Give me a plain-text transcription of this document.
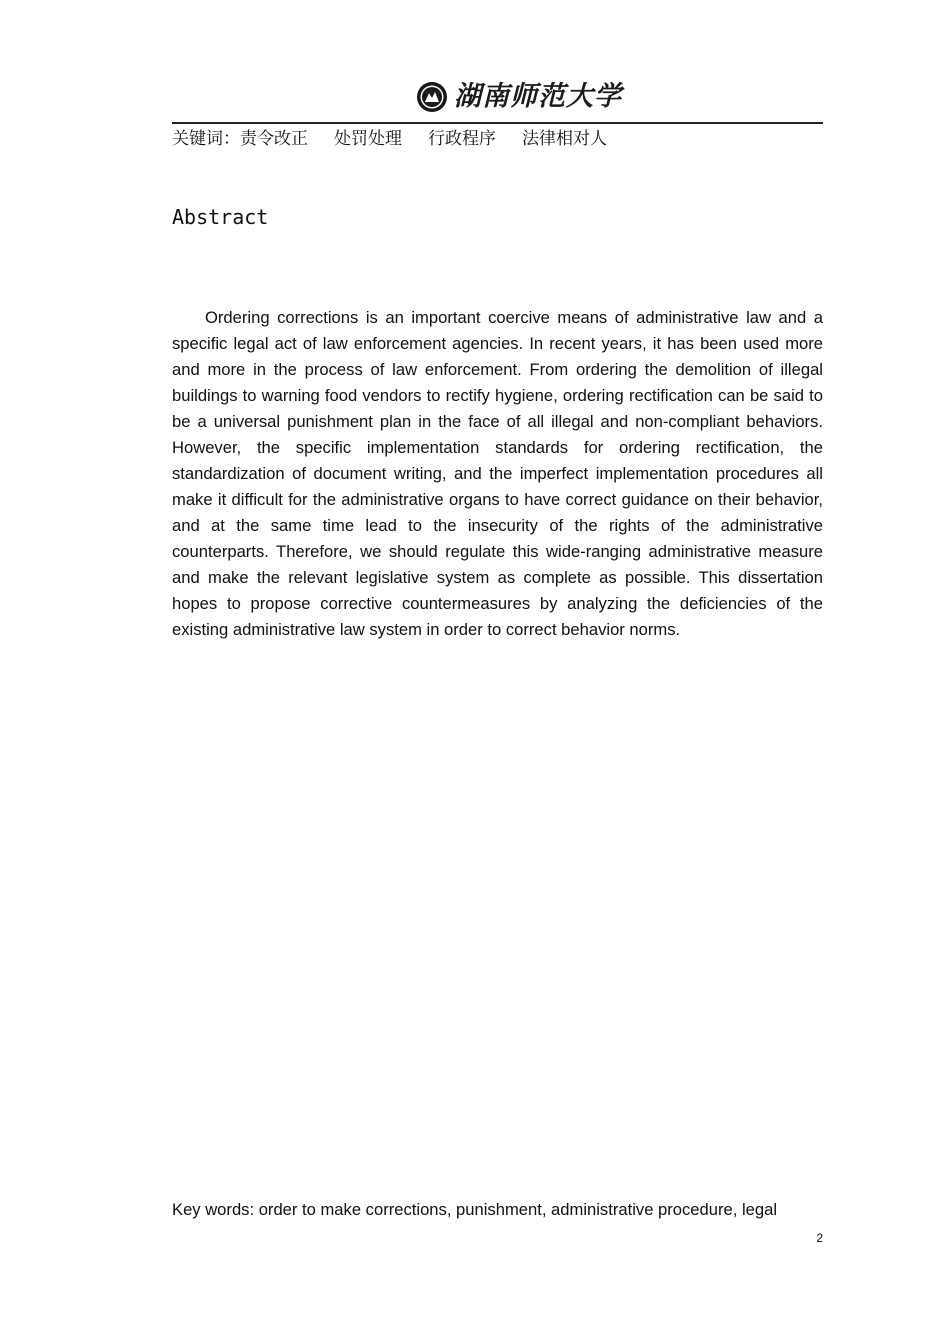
湖南师范大学
关键词：责令改正 处罚处理 行政程序 法律相对人
Abstract

Ordering corrections is an important coercive means of administrative law and a specific legal act of law enforcement agencies. In recent years, it has been used more and more in the process of law enforcement. From ordering the demolition of illegal buildings to warning food vendors to rectify hygiene, ordering rectification can be said to be a universal punishment plan in the face of all illegal and non-compliant behaviors. However, the specific implementation standards for ordering rectification, the standardization of document writing, and the imperfect implementation procedures all make it difficult for the administrative organs to have correct guidance on their behavior, and at the same time lead to the insecurity of the rights of the administrative counterparts. Therefore, we should regulate this wide-ranging administrative measure and make the relevant legislative system as complete as possible. This dissertation hopes to propose corrective countermeasures by analyzing the deficiencies of the existing administrative law system in order to correct behavior norms.

Key words: order to make corrections, punishment, administrative procedure, legal
2
